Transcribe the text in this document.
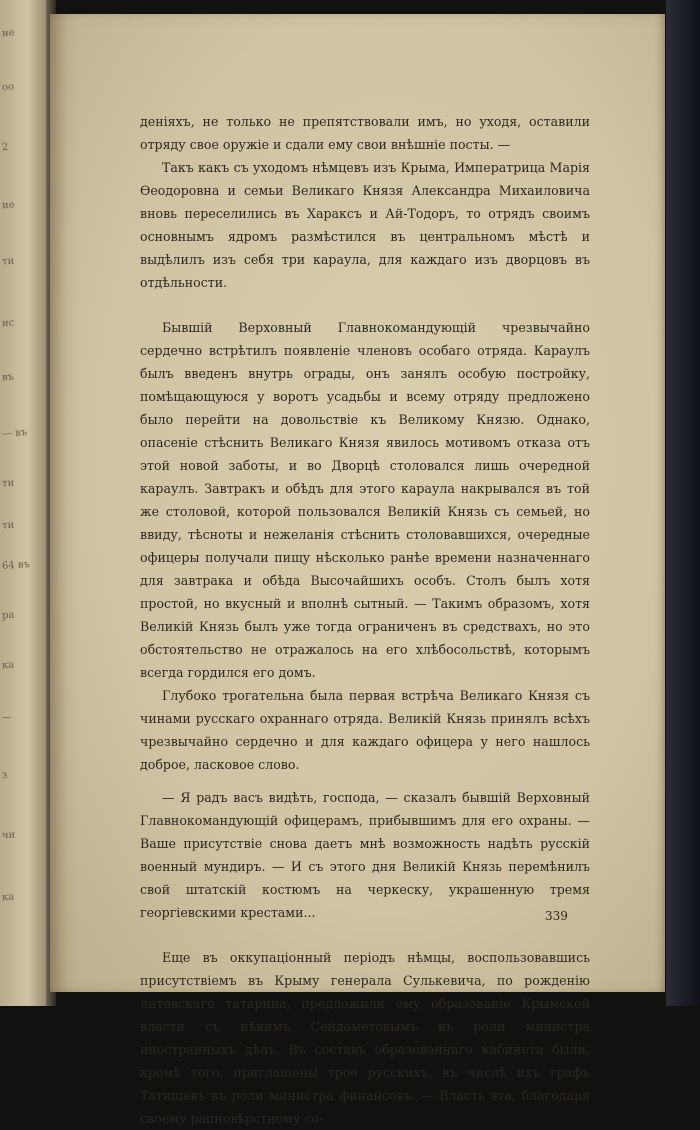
ие
оо
2
ие
ти
ис
въ
— въ
ти
ти
64 въ
ра
ка
—
з
чи
ка

деніяхъ, не только не препятствовали имъ, но уходя, оставили отряду свое оружіе и сдали ему свои внѣшніе посты. —

Такъ какъ съ уходомъ нѣмцевъ изъ Крыма, Императрица Марія Ѳеодоровна и семьи Великаго Князя Александра Михаиловича вновь переселились въ Хараксъ и Ай-Тодоръ, то отрядъ своимъ основнымъ ядромъ размѣстился въ центральномъ мѣстѣ и выдѣлилъ изъ себя три караула, для каждаго изъ дворцовъ въ отдѣльности.

Бывшій Верховный Главнокомандующій чрезвычайно сердечно встрѣтилъ появленіе членовъ особаго отряда. Караулъ былъ введенъ внутрь ограды, онъ занялъ особую постройку, помѣщающуюся у воротъ усадьбы и всему отряду предложено было перейти на довольствіе къ Великому Князю. Однако, опасеніе стѣснить Великаго Князя явилось мотивомъ отказа отъ этой новой заботы, и во Дворцѣ столовался лишь очередной караулъ. Завтракъ и обѣдъ для этого караула накрывался въ той же столовой, которой пользовался Великій Князь съ семьей, но ввиду, тѣсноты и нежеланія стѣснить столовавшихся, очередные офицеры получали пищу нѣсколько ранѣе времени назначеннаго для завтрака и обѣда Высочайшихъ особъ. Столъ былъ хотя простой, но вкусный и вполнѣ сытный. — Такимъ образомъ, хотя Великій Князь былъ уже тогда ограниченъ въ средствахъ, но это обстоятельство не отражалось на его хлѣбосольствѣ, которымъ всегда гордился его домъ.

Глубоко трогательна была первая встрѣча Великаго Князя съ чинами русскаго охраннаго отряда. Великій Князь принялъ всѣхъ чрезвычайно сердечно и для каждаго офицера у него нашлось доброе, ласковое слово.

— Я радъ васъ видѣть, господа, — сказалъ бывшій Верховный Главнокомандующій офицерамъ, прибывшимъ для его охраны. — Ваше присутствіе снова даетъ мнѣ возможность надѣть русскій военный мундиръ. — И съ этого дня Великій Князь перемѣнилъ свой штатскій костюмъ на черкеску, украшенную тремя георгіевскими крестами...

Еще въ оккупаціонный періодъ нѣмцы, воспользовавшись присутствіемъ въ Крыму генерала Сулькевича, по рожденію литовскаго татарина, предложили ему образованіе Крымской власти съ нѣкимъ Сейдаметовымъ въ роли министра иностранныхъ дѣлъ. Въ составъ образованнаго кабинета были, кромѣ того, приглашены трое русскихъ, въ числѣ ихъ графъ Татищевъ въ роли министра финансовъ. — Власть эта, благодаря своему рапновѣрстному со-

339
